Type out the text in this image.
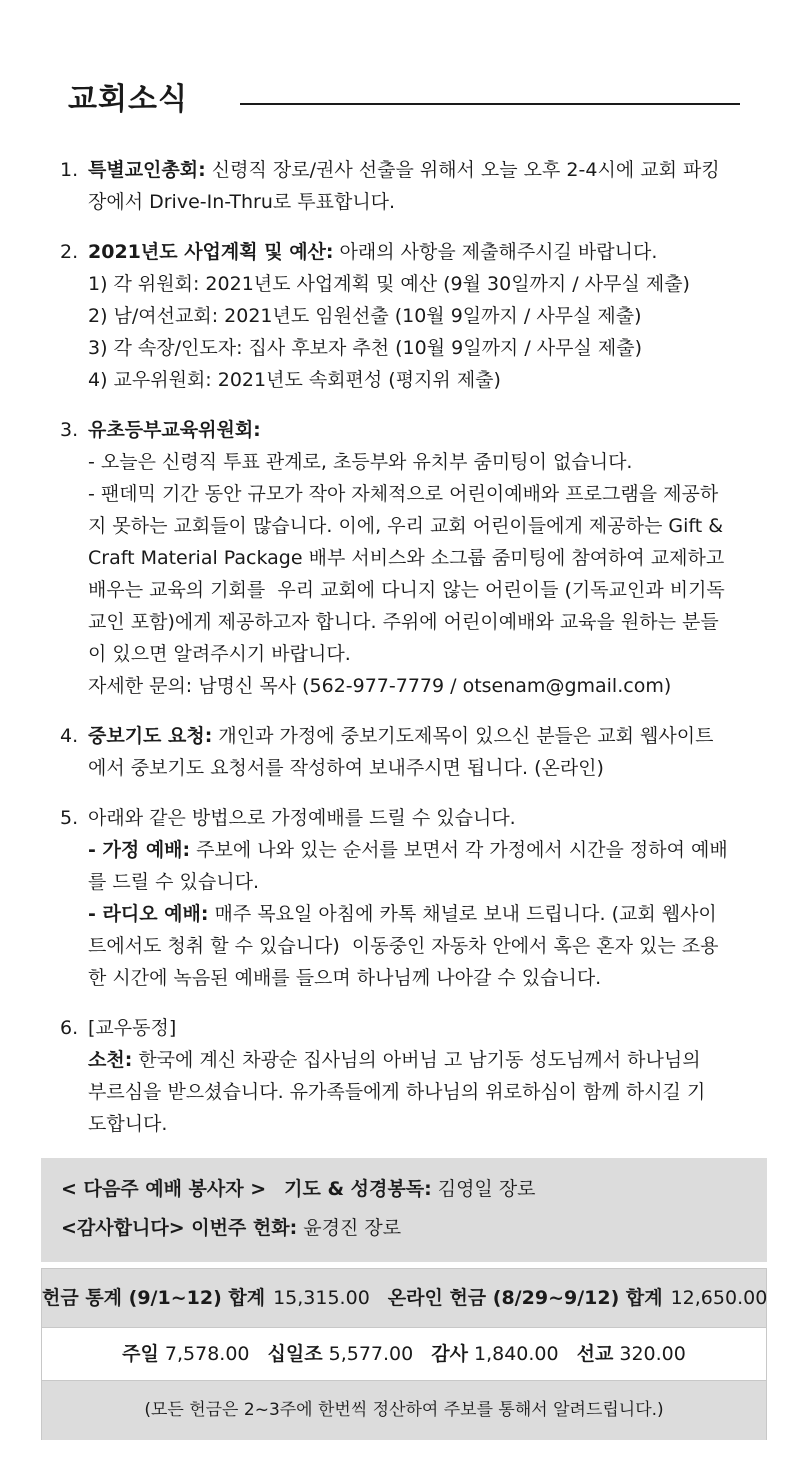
교회소식
1. 특별교인총회: 신령직 장로/권사 선출을 위해서 오늘 오후 2-4시에 교회 파킹
장에서 Drive-In-Thru로 투표합니다.
2. 2021년도 사업계획 및 예산: 아래의 사항을 제출해주시길 바랍니다.
1) 각 위원회: 2021년도 사업계획 및 예산 (9월 30일까지 / 사무실 제출)
2) 남/여선교회: 2021년도 임원선출 (10월 9일까지 / 사무실 제출)
3) 각 속장/인도자: 집사 후보자 추천 (10월 9일까지 / 사무실 제출)
4) 교우위원회: 2021년도 속회편성 (평지위 제출)
3. 유초등부교육위원회:
- 오늘은 신령직 투표 관계로, 초등부와 유치부 줌미팅이 없습니다.
- 팬데믹 기간 동안 규모가 작아 자체적으로 어린이예배와 프로그램을 제공하
지 못하는 교회들이 많습니다. 이에, 우리 교회 어린이들에게 제공하는 Gift &
Craft Material Package 배부 서비스와 소그룹 줌미팅에 참여하여 교제하고
배우는 교육의 기회를  우리 교회에 다니지 않는 어린이들 (기독교인과 비기독
교인 포함)에게 제공하고자 합니다. 주위에 어린이예배와 교육을 원하는 분들
이 있으면 알려주시기 바랍니다.
자세한 문의: 남명신 목사 (562-977-7779 / otsenam@gmail.com)
4. 중보기도 요청: 개인과 가정에 중보기도제목이 있으신 분들은 교회 웹사이트
에서 중보기도 요청서를 작성하여 보내주시면 됩니다. (온라인)
5. 아래와 같은 방법으로 가정예배를 드릴 수 있습니다.
- 가정 예배: 주보에 나와 있는 순서를 보면서 각 가정에서 시간을 정하여 예배
를 드릴 수 있습니다.
- 라디오 예배: 매주 목요일 아침에 카톡 채널로 보내 드립니다. (교회 웹사이
트에서도 청취 할 수 있습니다)  이동중인 자동차 안에서 혹은 혼자 있는 조용
한 시간에 녹음된 예배를 들으며 하나님께 나아갈 수 있습니다.
6. [교우동정]
소천: 한국에 계신 차광순 집사님의 아버님 고 남기동 성도님께서 하나님의
부르심을 받으셨습니다. 유가족들에게 하나님의 위로하심이 함께 하시길 기
도합니다.
< 다음주 예배 봉사자 > 기도 & 성경봉독: 김영일 장로
<감사합니다> 이번주 헌화: 윤경진 장로
헌금 통계 (9/1~12) 합계 15,315.00 온라인 헌금 (8/29~9/12) 합계 12,650.00
주일 7,578.00 십일조 5,577.00 감사 1,840.00 선교 320.00
(모든 헌금은 2~3주에 한번씩 정산하여 주보를 통해서 알려드립니다.)
